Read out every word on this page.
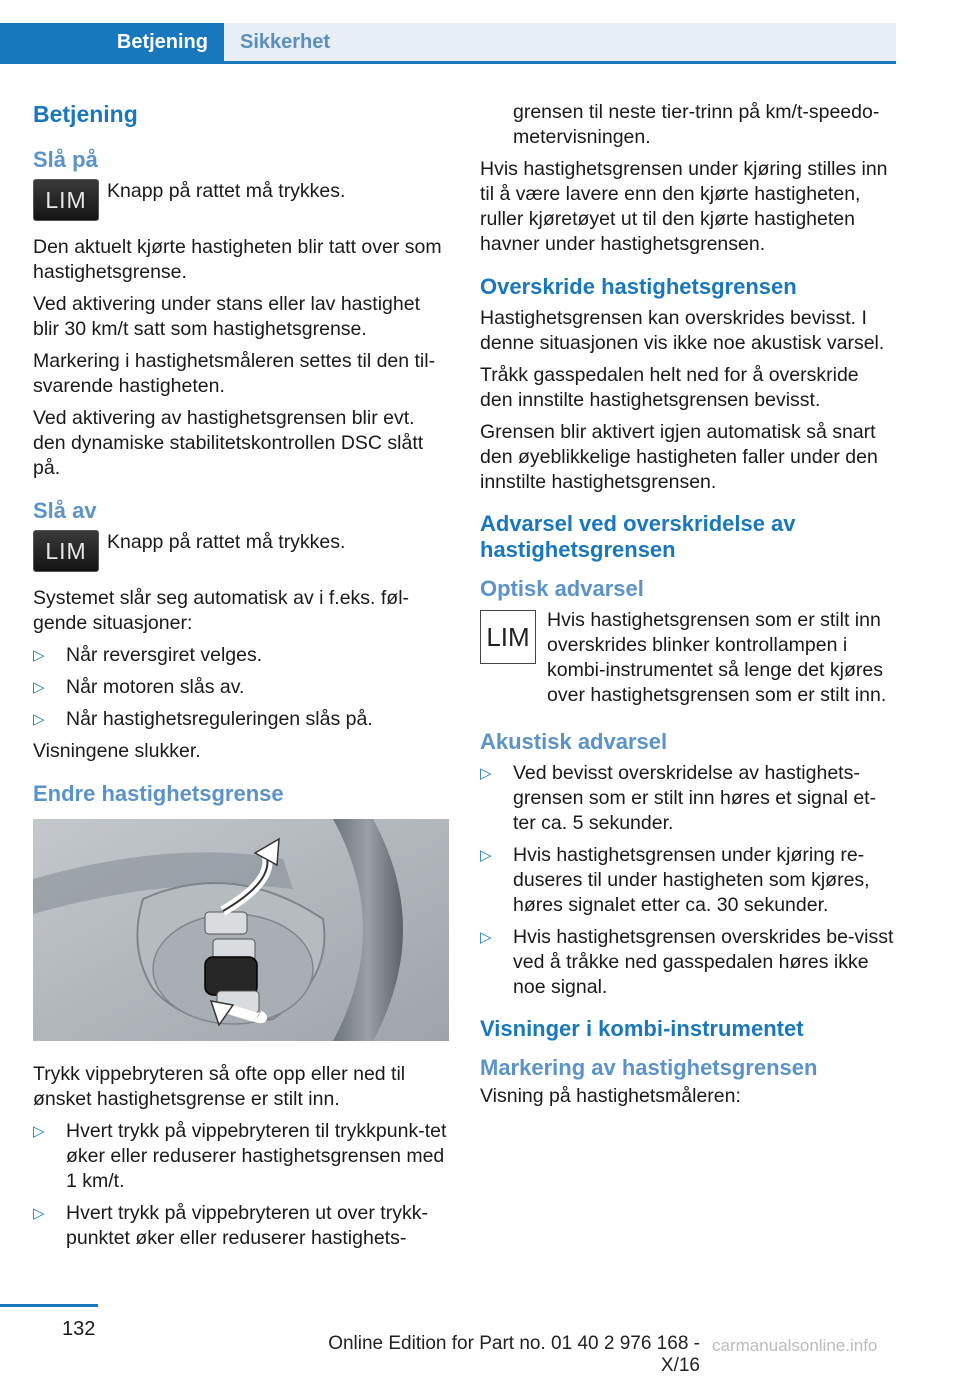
Betjening	Sikkerhet
Betjening
Slå på
LIM	Knapp på rattet må trykkes.

Den aktuelt kjørte hastigheten blir tatt over som hastighetsgrense.

Ved aktivering under stans eller lav hastighet blir 30 km/t satt som hastighetsgrense.

Markering i hastighetsmåleren settes til den til‐svarende hastigheten.

Ved aktivering av hastighetsgrensen blir evt. den dynamiske stabilitetskontrollen DSC slått på.

Slå av
LIM	Knapp på rattet må trykkes.

Systemet slår seg automatisk av i f.eks. føl‐gende situasjoner:

▷ Når reversgiret velges.
▷ Når motoren slås av.
▷ Når hastighetsreguleringen slås på.

Visningene slukker.

Endre hastighetsgrense

Trykk vippebryteren så ofte opp eller ned til ønsket hastighetsgrense er stilt inn.

▷ Hvert trykk på vippebryteren til trykkpunk‐tet øker eller reduserer hastighetsgrensen med 1 km/t.
▷ Hvert trykk på vippebryteren ut over trykk‐punktet øker eller reduserer hastighets‐
grensen til neste tier-trinn på km/t-speedo‐metervisningen.

Hvis hastighetsgrensen under kjøring stilles inn til å være lavere enn den kjørte hastigheten, ruller kjøretøyet ut til den kjørte hastigheten havner under hastighetsgrensen.

Overskride hastighetsgrensen

Hastighetsgrensen kan overskrides bevisst. I denne situasjonen vis ikke noe akustisk varsel.

Tråkk gasspedalen helt ned for å overskride den innstilte hastighetsgrensen bevisst.

Grensen blir aktivert igjen automatisk så snart den øyeblikkelige hastigheten faller under den innstilte hastighetsgrensen.

Advarsel ved overskridelse av hastighetsgrensen
Optisk advarsel
LIM
Hvis hastighetsgrensen som er stilt inn overskrides blinker kontrollampen i kombi-instrumentet så lenge det kjøres over hastighetsgrensen som er stilt inn.
Akustisk advarsel
▷ Ved bevisst overskridelse av hastighets‐grensen som er stilt inn høres et signal et‐ter ca. 5 sekunder.
▷ Hvis hastighetsgrensen under kjøring re‐duseres til under hastigheten som kjøres, høres signalet etter ca. 30 sekunder.
▷ Hvis hastighetsgrensen overskrides be‐visst ved å tråkke ned gasspedalen høres ikke noe signal.
Visninger i kombi-instrumentet
Markering av hastighetsgrensen

Visning på hastighetsmåleren:

132
Online Edition for Part no. 01 40 2 976 168 - X/16
carmanualsonline.info
